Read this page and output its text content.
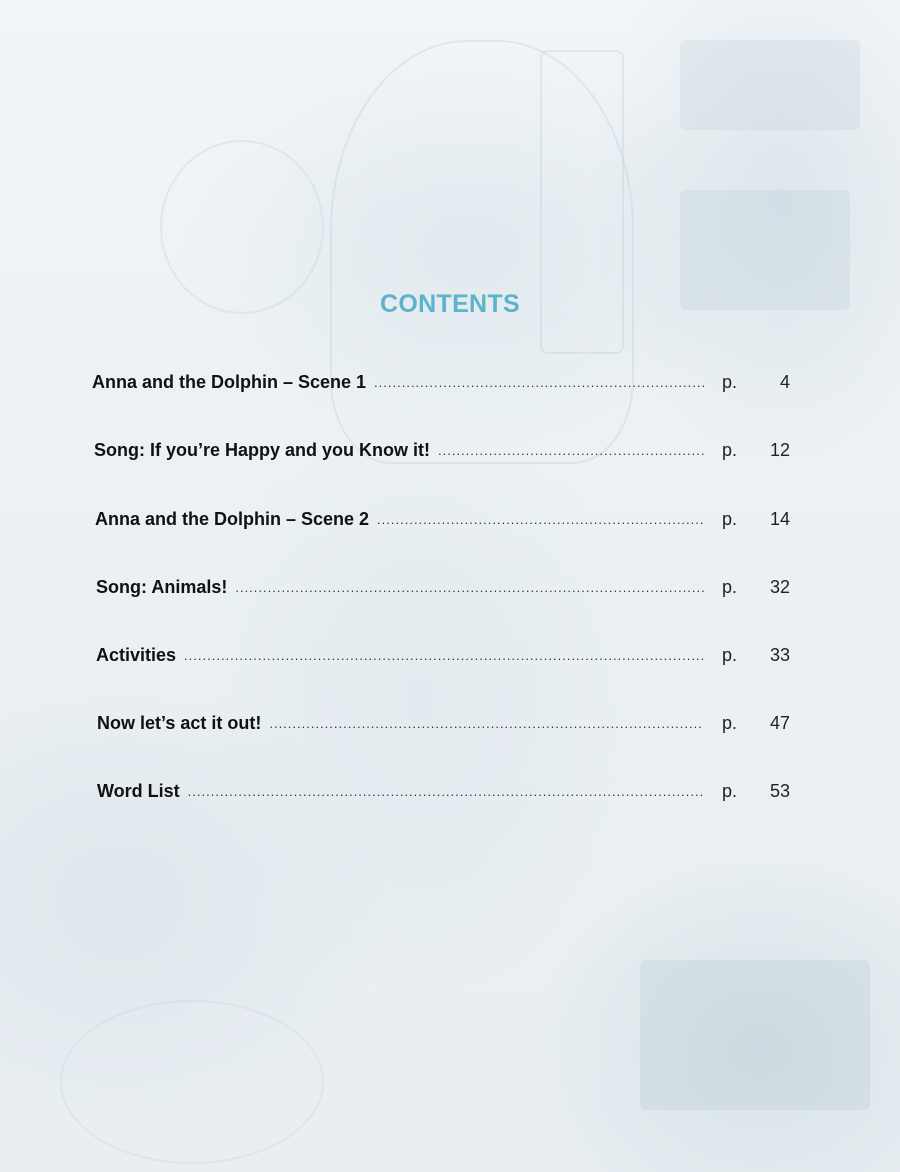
CONTENTS
Anna and the Dolphin – Scene 1 .....	p.	4
Song: If you’re Happy and you Know it! .....	p.	12
Anna and the Dolphin – Scene 2 .....	p.	14
Song: Animals! .....	p.	32
Activities .....	p.	33
Now let’s act it out! .....	p.	47
Word List .....	p.	53
